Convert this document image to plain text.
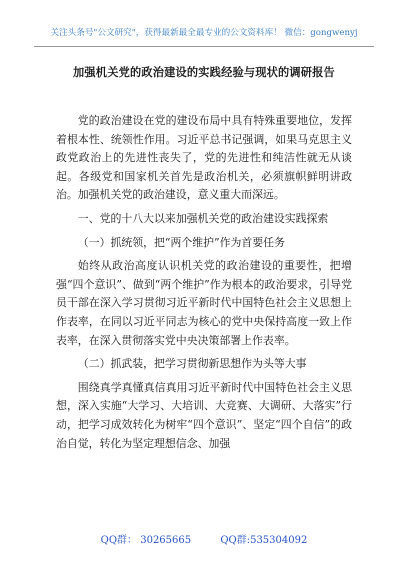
关注头条号"公文研究"，获得最新最全最专业的公文资料库！ 微信：gongwenyj
加强机关党的政治建设的实践经验与现状的调研报告

党的政治建设在党的建设布局中具有特殊重要地位，发挥着根本性、统领性作用。习近平总书记强调，如果马克思主义政党政治上的先进性丧失了，党的先进性和纯洁性就无从谈起。各级党和国家机关首先是政治机关，必须旗帜鲜明讲政治。加强机关党的政治建设，意义重大而深远。

一、党的十八大以来加强机关党的政治建设实践探索

（一）抓统领，把“两个维护”作为首要任务

始终从政治高度认识机关党的政治建设的重要性，把增强“四个意识”、做到“两个维护”作为根本的政治要求，引导党员干部在深入学习贯彻习近平新时代中国特色社会主义思想上作表率，在同以习近平同志为核心的党中央保持高度一致上作表率，在深入贯彻落实党中央决策部署上作表率。

（二）抓武装，把学习贯彻新思想作为头等大事

围绕真学真懂真信真用习近平新时代中国特色社会主义思想，深入实施“大学习、大培训、大竞赛、大调研、大落实”行动，把学习成效转化为树牢“四个意识”、坚定“四个自信”的政治自觉，转化为坚定理想信念、加强

QQ群： 30265665	QQ群:535304092
